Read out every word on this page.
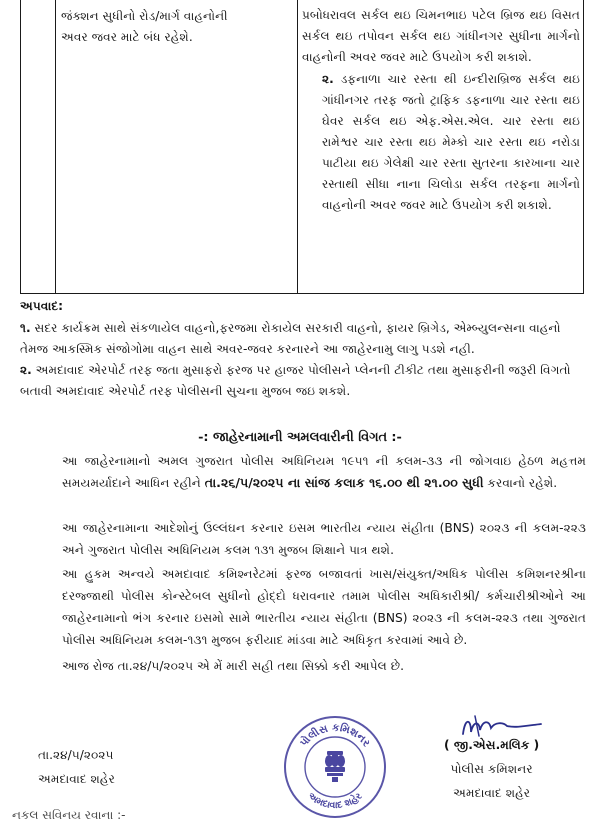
જંક્શન સુધીનો રોડ/માર્ગ વાહનોની
અવર જવર માટે બંધ રહેશે.

પ્રબોધરાવલ સર્કલ થઇ ચિમનભાઇ પટેલ બ્રિજ થઇ વિસત સર્કલ થઇ તપોવન સર્કલ થઇ ગાંધીનગર સુધીના માર્ગનો વાહનોની અવર જવર માટે ઉપયોગ કરી શકાશે.

૨. ડફનાળા ચાર રસ્તા થી ઇન્દીરાબ્રિજ સર્કલ થઇ ગાંધીનગર તરફ જતો ટ્રાફિક ડફનાળા ચાર રસ્તા થઇ ઘેવર સર્કલ થઇ એફ.એસ.એલ. ચાર રસ્તા થઇ રામેશ્વર ચાર રસ્તા થઇ મેમ્કો ચાર રસ્તા થઇ નરોડા પાટીયા થઇ ગેલેક્ષી ચાર રસ્તા સુતરના કારખાના ચાર રસ્તાથી સીધા નાના ચિલોડા સર્કલ તરફના માર્ગનો વાહનોની અવર જવર માટે ઉપયોગ કરી શકાશે.

અપવાદ:

૧. સદર કાર્યક્રમ સાથે સંકળાયેલ વાહનો,ફરજમા રોકાયેલ સરકારી વાહનો, ફાયર બ્રિગેડ, એમ્બ્યુલન્સના વાહનો તેમજ આકસ્મિક સંજોગોમા વાહન સાથે અવર-જવર કરનારને આ જાહેરનામુ લાગુ પડશે નહી.

૨. અમદાવાદ એરપોર્ટ તરફ જતા મુસાફરો ફરજ પર હાજર પોલીસને પ્લેનની ટીકીટ તથા મુસાફરીની જરૂરી વિગતો બતાવી અમદાવાદ એરપોર્ટ તરફ પોલીસની સુચના મુજબ જઇ શકશે.

-: જાહેરનામાની અમલવારીની વિગત :-

આ જાહેરનામાનો અમલ ગુજરાત પોલીસ અધિનિયમ ૧૯૫૧ ની કલમ-૩૩ ની જોગવાઇ હેઠળ મહત્તમ સમયમર્યાદાને આધિન રહીને તા.૨૬/૫/૨૦૨૫ ના સાંજ કલાક ૧૬.૦૦ થી ૨૧.૦૦ સુધી કરવાનો રહેશે.

આ જાહેરનામાના આદેશોનું ઉલ્લંઘન કરનાર ઇસમ ભારતીય ન્યાય સંહીતા (BNS) ૨૦૨૩ ની કલમ-૨૨૩ અને ગુજરાત પોલીસ અધિનિયમ કલમ ૧૩૧ મુજબ શિક્ષાને પાત્ર થશે.

આ હુકમ અન્વયે અમદાવાદ કમિશ્નરેટમાં ફરજ બજાવતાં ખાસ/સંયુક્ત/અધિક પોલીસ કમિશનરશ્રીના દરજ્જાથી પોલીસ કોન્સ્ટેબલ સુધીનો હોદ્દો ધરાવનાર તમામ પોલીસ અધિકારીશ્રી/ કર્મચારીશ્રીઓને આ જાહેરનામાનો ભંગ કરનાર ઇસમો સામે ભારતીય ન્યાય સંહીતા (BNS) ૨૦૨૩ ની કલમ-૨૨૩ તથા ગુજરાત પોલીસ અધિનિયમ કલમ-૧૩૧ મુજબ ફરીયાદ માંડવા માટે અધિકૃત કરવામાં આવે છે.

આજ રોજ તા.૨૪/૫/૨૦૨૫ એ મેં મારી સહી તથા સિક્કો કરી આપેલ છે.

તા.૨૪/૫/૨૦૨૫
અમદાવાદ શહેર
પોલીસ કમિશનર
અમદાવાદ શહેર
( જી.એસ.મલિક )
પોલીસ કમિશનર
અમદાવાદ શહેર
નકલ સવિનય રવાના :-
